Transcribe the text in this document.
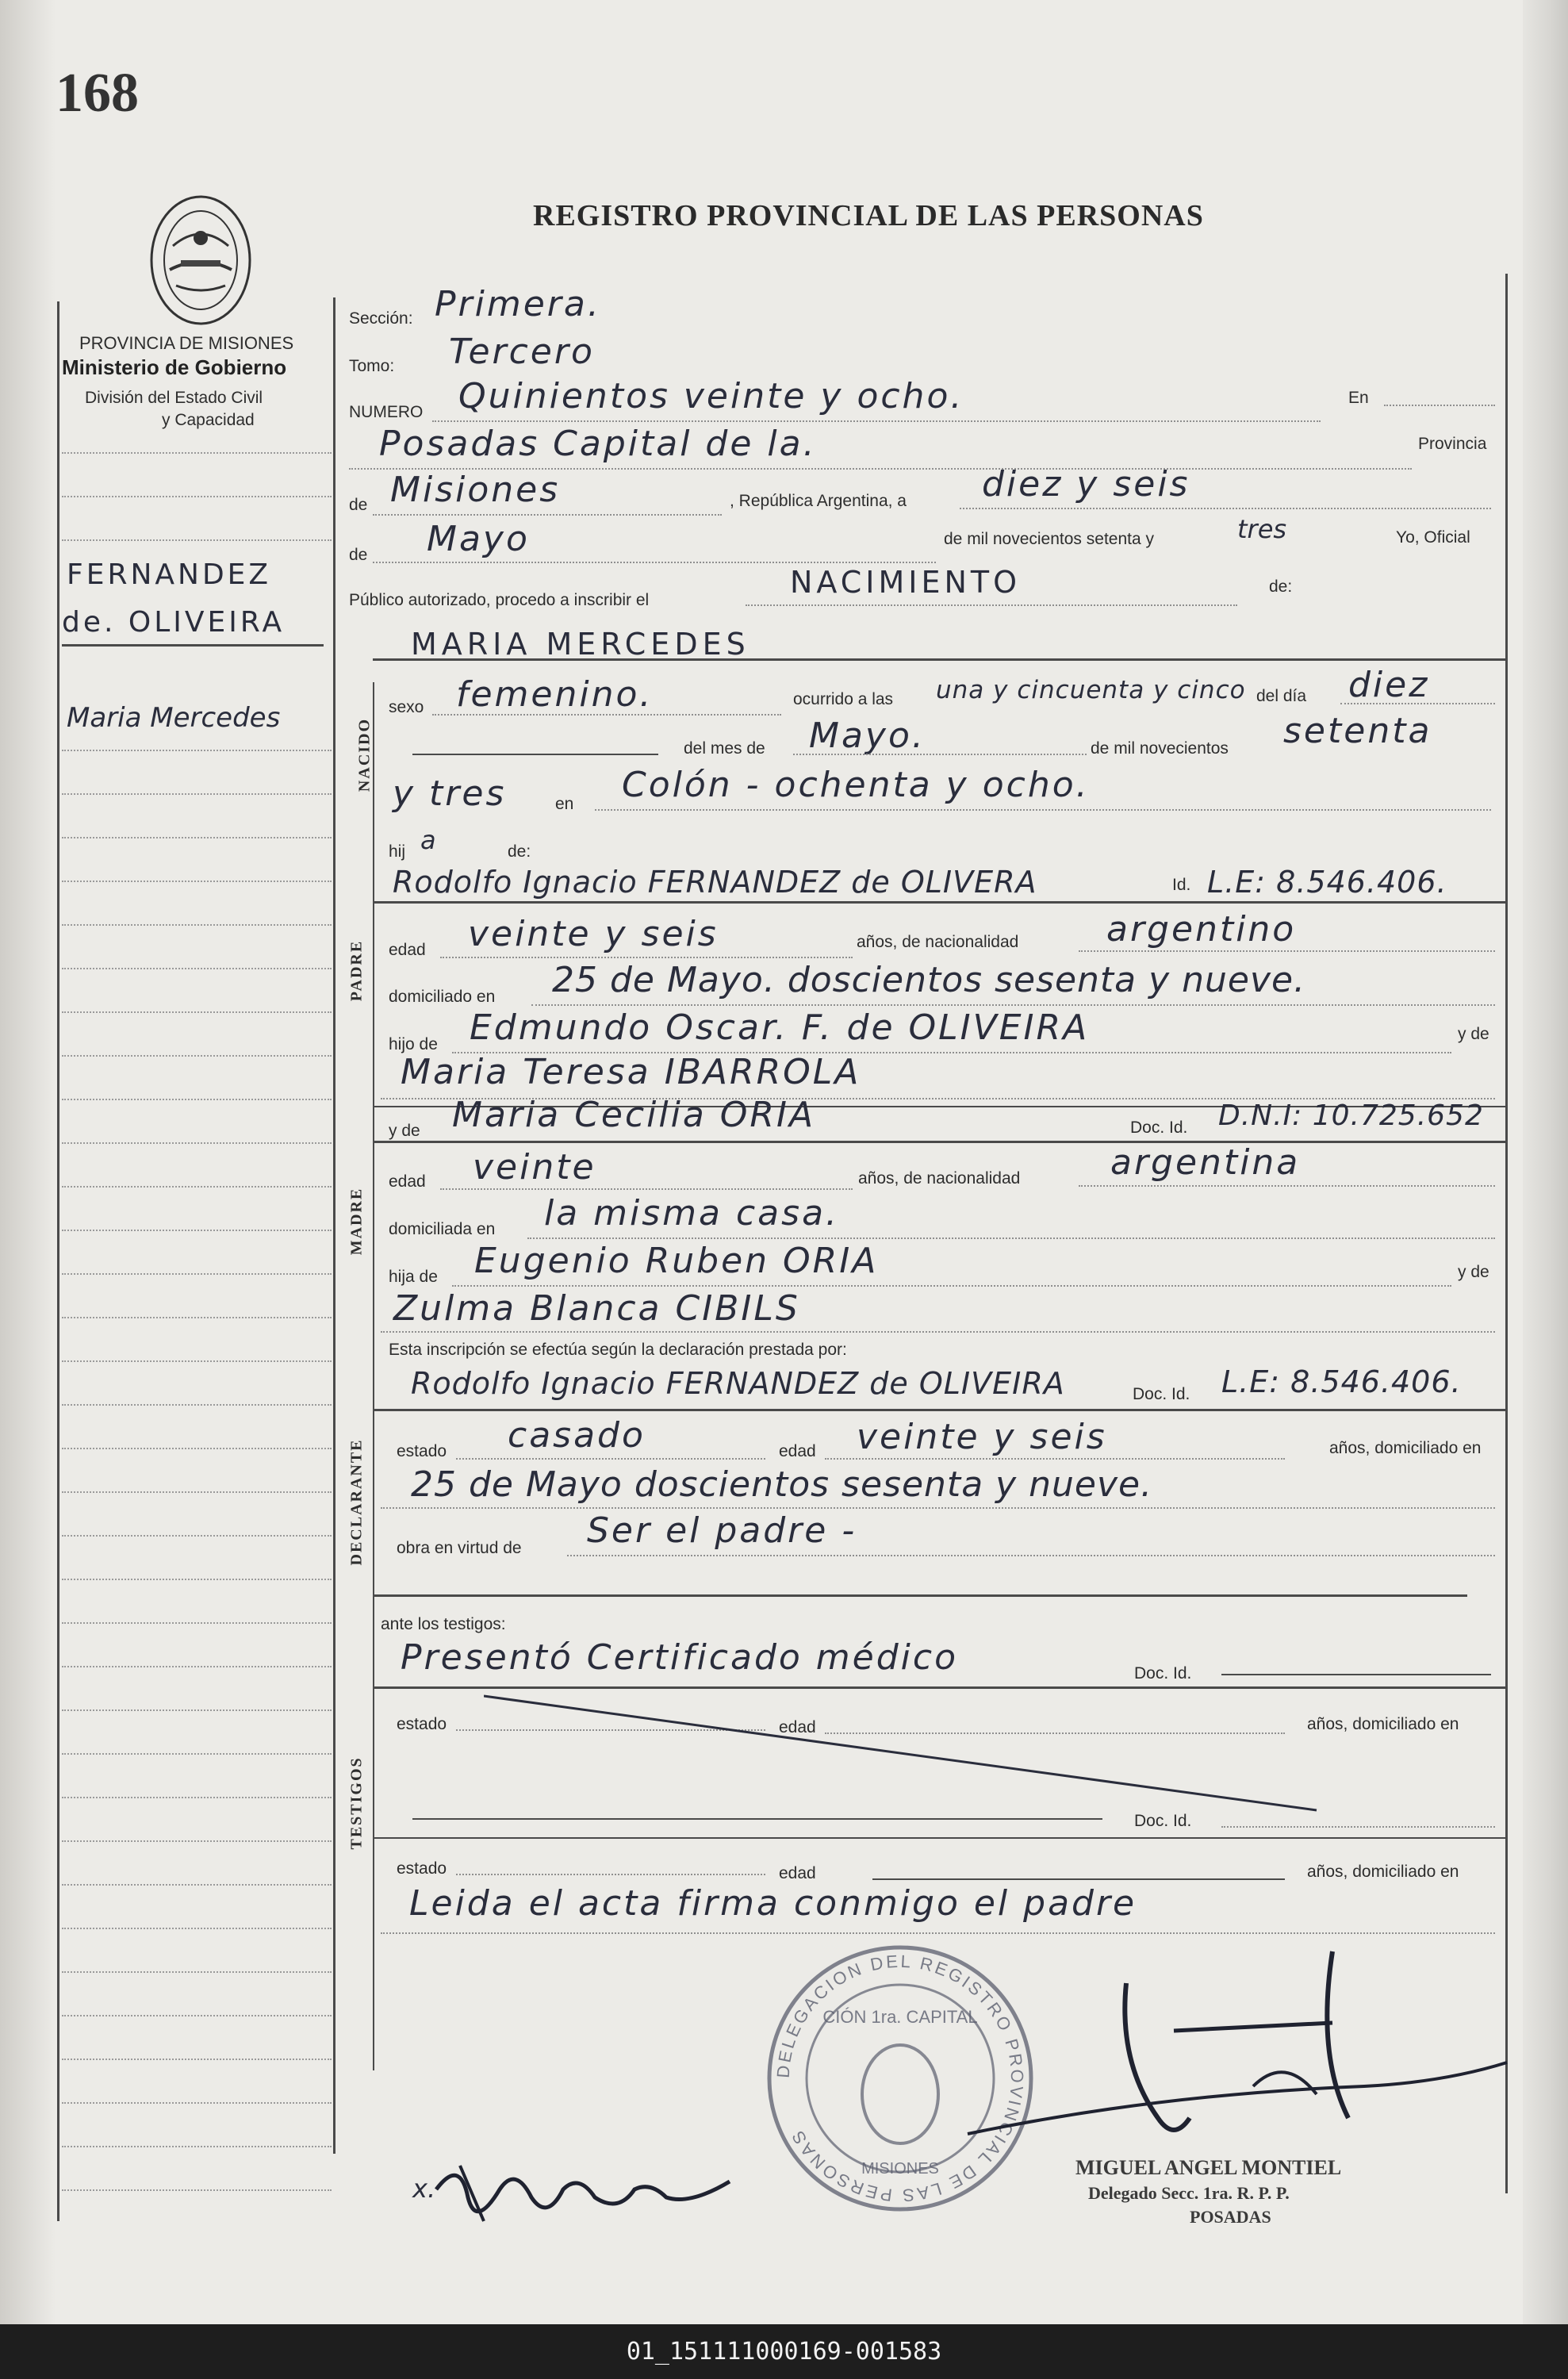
168
PROVINCIA DE MISIONES
Ministerio de Gobierno
División del Estado Civil
y Capacidad
REGISTRO PROVINCIAL DE LAS PERSONAS
FERNANDEZ
de. OLIVEIRA
Maria Mercedes
Sección: Primera.
Tomo: Tercero
NUMERO Quinientos veinte y ocho.	En
Posadas Capital de la.	Provincia
de Misiones	, República Argentina, a diez y seis
de Mayo	de mil novecientos setenta y	tres	Yo, Oficial
Público autorizado, procedo a inscribir el
NACIMIENTO	de:
NACIDO
MARIA MERCEDES
sexo femenino.	ocurrido a las una y cincuenta y cinco del día diez
del mes de Mayo.	de mil novecientos setenta
y tres	en Colón - ochenta y ocho.
hij a	de:
PADRE
Rodolfo Ignacio FERNANDEZ de OLIVERA	Id. L.E: 8.546.406.
edad veinte y seis	años, de nacionalidad	argentino
domiciliado en 25 de Mayo. doscientos sesenta y nueve.
hijo de Edmundo Oscar. F. de OLIVEIRA	y de
Maria Teresa IBARROLA
MADRE
y de Maria Cecilia ORIA	Doc. Id. D.N.I: 10.725.652
edad veinte	años, de nacionalidad	argentina
domiciliada en la misma casa.
hija de Eugenio Ruben ORIA	y de
Zulma Blanca CIBILS
Esta inscripción se efectúa según la declaración prestada por:
DECLARANTE
Rodolfo Ignacio FERNANDEZ de OLIVEIRA	Doc. Id. L.E: 8.546.406.
estado casado	edad veinte y seis	años, domiciliado en
25 de Mayo doscientos sesenta y nueve.
obra en virtud de Ser el padre -
TESTIGOS
ante los testigos:
Presentó Certificado médico	Doc. Id.
estado	edad	años, domiciliado en
Doc. Id.
estado	edad	años, domiciliado en
Leida el acta firma conmigo el padre
DELEGACION DEL REGISTRO PROVINCIAL DE LAS PERSONAS
CIÓN 1ra. CAPITAL
MISIONES	MIGUEL ANGEL MONTIEL
Delegado Secc. 1ra. R. P. P.
POSADAS
x.
01_151111000169-001583
